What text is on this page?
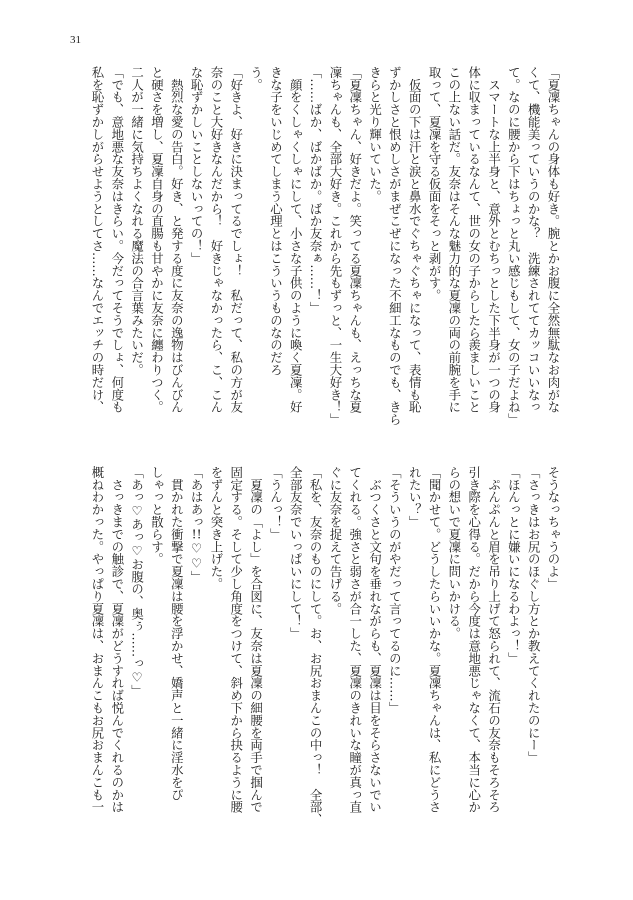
31
「夏凜ちゃんの身体も好き。腕とかお腹に全然無駄なお肉がな
くて、機能美っていうのかな？　洗練されててカッコいいなっ
て。なのに腰から下はちょっと丸い感じもして、女の子だよね」
　スマートな上半身と、意外とむちっとした下半身が一つの身
体に収まっているなんて、世の女の子からしたら羨ましいこと
この上ない話だ。友奈はそんな魅力的な夏凜の両の前腕を手に
取って、夏凜を守る仮面をそっと剥がす。
　仮面の下は汗と涙と鼻水でぐちゃぐちゃになって、表情も恥
ずかしさと恨めしさがまぜこぜになった不細工なものでも、きら
きらと光り輝いていた。
「夏凜ちゃん、好きだよ。笑ってる夏凜ちゃんも、えっちな夏
凜ちゃんも、全部大好き。これから先もずっと、一生大好き！」
「……ばか、ばかばか。ばか友奈ぁ……！」
　顔をくしゃくしゃにして、小さな子供のように喚く夏凜。好
きな子をいじめてしまう心理とはこういうものなのだろ
う。
「好きよ、好きに決まってるでしょ！　私だって、私の方が友
奈のこと大好きなんだから！　好きじゃなかったら、こ、こん
な恥ずかしいことしないっての！」
　熱烈な愛の告白。好き、と発する度に友奈の逸物はびんびん
と硬さを増し、夏凜自身の直腸も甘やかに友奈に纏わりつく。
二人が一緒に気持ちよくなれる魔法の合言葉みたいだ。
「でも、意地悪な友奈はきらい。今だってそうでしょ、何度も
私を恥ずかしがらせようとしてさ……なんでエッチの時だけ、
そうなっちゃうのよ」
「さっきはお尻のほぐし方とか教えてくれたのにー」
「ほんっとに嫌いになるわよっ！」
　ぷんぷんと眉を吊り上げて怒られて、流石の友奈もそろそろ
引き際を心得る。だから今度は意地悪じゃなくて、本当に心か
らの想いで夏凜に問いかける。
「聞かせて。どうしたらいいかな。夏凜ちゃんは、私にどうさ
れたい？」
「そういうのがやだって言ってるのに……」
　ぶつくさと文句を垂れながらも、夏凜は目をそらさないでい
てくれる。強さと弱さが合一した、夏凜のきれいな瞳が真っ直
ぐに友奈を捉えて告げる。
「私を、友奈のものにして。お、お尻おまんこの中っ！　全部、
全部友奈でいっぱいにして！」
「うんっ！」
　夏凜の「よし」を合図に、友奈は夏凜の細腰を両手で掴んで
固定する。そして少し角度をつけて、斜め下から抉るように腰
をずんと突き上げた。
「あはあっ!!♡♡」
　貫かれた衝撃で夏凜は腰を浮かせ、嬌声と一緒に淫水をぴ
しゃっと散らす。
「あっ♡あっ♡お腹の、奥ぅ……っ♡」
　さっきまでの触診で、夏凜がどうすれば悦んでくれるのかは
概ねわかった。やっぱり夏凜は、おまんこもお尻おまんこも一
